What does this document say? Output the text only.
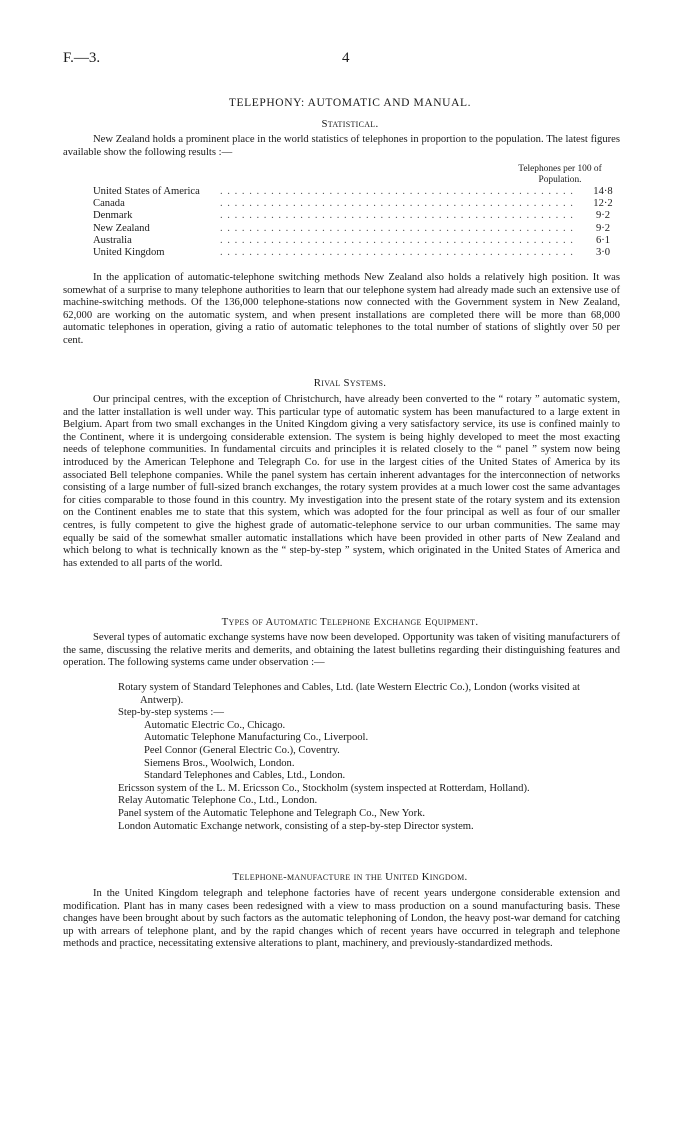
F.—3.	4
TELEPHONY: AUTOMATIC AND MANUAL.
Statistical.

New Zealand holds a prominent place in the world statistics of telephones in proportion to the population. The latest figures available show the following results :—

Telephones per 100 of Population.
United States of America	. . . . . . . . . . . . . . . . . . . . . . . . . . . . . . . . . . . . . . . . . . . . . . . . .	14·8
Canada	. . . . . . . . . . . . . . . . . . . . . . . . . . . . . . . . . . . . . . . . . . . . . . . . .	12·2
Denmark	. . . . . . . . . . . . . . . . . . . . . . . . . . . . . . . . . . . . . . . . . . . . . . . . .	9·2
New Zealand	. . . . . . . . . . . . . . . . . . . . . . . . . . . . . . . . . . . . . . . . . . . . . . . . .	9·2
Australia	. . . . . . . . . . . . . . . . . . . . . . . . . . . . . . . . . . . . . . . . . . . . . . . . .	6·1
United Kingdom	. . . . . . . . . . . . . . . . . . . . . . . . . . . . . . . . . . . . . . . . . . . . . . . . .	3·0

In the application of automatic-telephone switching methods New Zealand also holds a relatively high position. It was somewhat of a surprise to many telephone authorities to learn that our telephone system had already made such an extensive use of machine-switching methods. Of the 136,000 telephone-stations now connected with the Government system in New Zealand, 62,000 are working on the automatic system, and when present installations are completed there will be more than 68,000 automatic telephones in operation, giving a ratio of automatic telephones to the total number of stations of slightly over 50 per cent.

Rival Systems.

Our principal centres, with the exception of Christchurch, have already been converted to the “ rotary ” automatic system, and the latter installation is well under way. This particular type of automatic system has been manufactured to a large extent in Belgium. Apart from two small exchanges in the United Kingdom giving a very satisfactory service, its use is confined mainly to the Continent, where it is undergoing considerable extension. The system is being highly developed to meet the most exacting needs of telephone communities. In fundamental circuits and principles it is related closely to the “ panel ” system now being introduced by the American Telephone and Telegraph Co. for use in the largest cities of the United States of America by its associated Bell telephone companies. While the panel system has certain inherent advantages for the interconnection of networks consisting of a large number of full-sized branch exchanges, the rotary system provides at a much lower cost the same advantages for cities comparable to those found in this country. My investigation into the present state of the rotary system and its extension on the Continent enables me to state that this system, which was adopted for the four principal as well as four of our smaller centres, is fully competent to give the highest grade of automatic-telephone service to our urban communities. The same may equally be said of the somewhat smaller automatic installations which have been provided in other parts of New Zealand and which belong to what is technically known as the “ step-by-step ” system, which originated in the United States of America and has extended to all parts of the world.

Types of Automatic Telephone Exchange Equipment.

Several types of automatic exchange systems have now been developed. Opportunity was taken of visiting manufacturers of the same, discussing the relative merits and demerits, and obtaining the latest bulletins regarding their distinguishing features and operation. The following systems came under observation :—

Rotary system of Standard Telephones and Cables, Ltd. (late Western Electric Co.), London (works visited at Antwerp).
Step-by-step systems :—
Automatic Electric Co., Chicago.
Automatic Telephone Manufacturing Co., Liverpool.
Peel Connor (General Electric Co.), Coventry.
Siemens Bros., Woolwich, London.
Standard Telephones and Cables, Ltd., London.
Ericsson system of the L. M. Ericsson Co., Stockholm (system inspected at Rotterdam, Holland).
Relay Automatic Telephone Co., Ltd., London.
Panel system of the Automatic Telephone and Telegraph Co., New York.
London Automatic Exchange network, consisting of a step-by-step Director system.
Telephone-manufacture in the United Kingdom.

In the United Kingdom telegraph and telephone factories have of recent years undergone considerable extension and modification. Plant has in many cases been redesigned with a view to mass production on a sound manufacturing basis. These changes have been brought about by such factors as the automatic telephoning of London, the heavy post-war demand for catching up with arrears of telephone plant, and by the rapid changes which of recent years have occurred in telegraph and telephone methods and practice, necessitating extensive alterations to plant, machinery, and previously-standardized methods.
